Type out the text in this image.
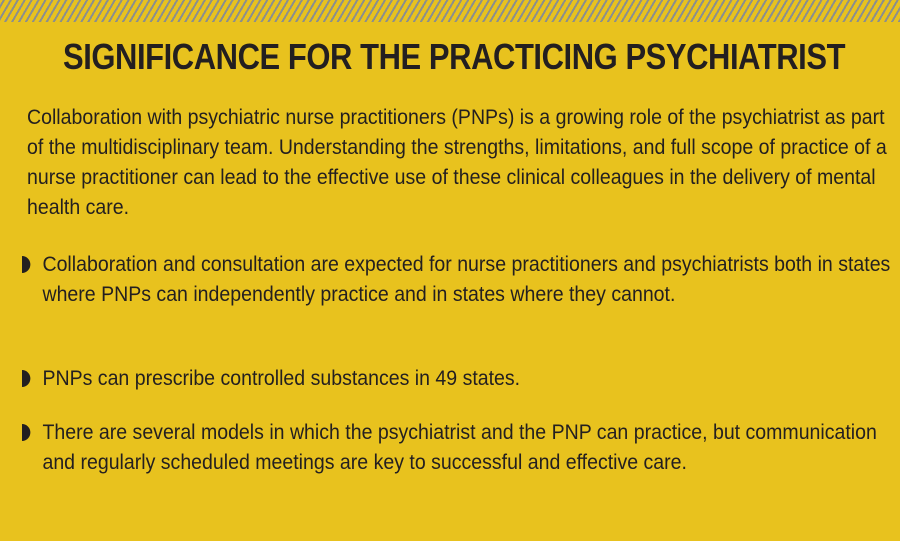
SIGNIFICANCE FOR THE PRACTICING PSYCHIATRIST

Collaboration with psychiatric nurse practitioners (PNPs) is a growing role of the psychiatrist as part of the multidisciplinary team. Understanding the strengths, limitations, and full scope of practice of a nurse practitioner can lead to the effective use of these clinical colleagues in the delivery of mental health care.

Collaboration and consultation are expected for nurse practitioners and psychiatrists both in states where PNPs can independently practice and in states where they cannot.
PNPs can prescribe controlled substances in 49 states.
There are several models in which the psychiatrist and the PNP can practice, but communication and regularly scheduled meetings are key to successful and effective care.
